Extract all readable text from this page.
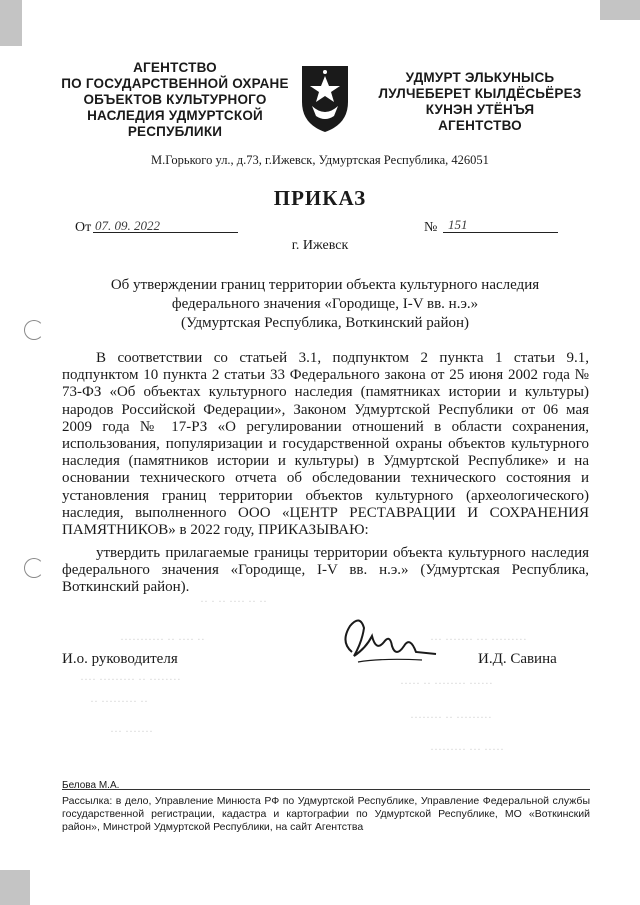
АГЕНТСТВО
ПО ГОСУДАРСТВЕННОЙ ОХРАНЕ
ОБЪЕКТОВ КУЛЬТУРНОГО
НАСЛЕДИЯ УДМУРТСКОЙ
РЕСПУБЛИКИ
УДМУРТ ЭЛЬКУНЫСЬ
ЛУЛЧЕБЕРЕТ КЫЛДЁСЬЁРЕЗ
КУНЭН УТЁНЪЯ
АГЕНТСТВО
М.Горького ул., д.73, г.Ижевск, Удмуртская Республика, 426051
ПРИКАЗ
От 07. 09. 2022	№ 151
г. Ижевск
Об утверждении границ территории объекта культурного наследия
федерального значения «Городище, I-V вв. н.э.»
(Удмуртская Республика, Воткинский район)
В соответствии со статьей 3.1, подпунктом 2 пункта 1 статьи 9.1, подпунктом 10 пункта 2 статьи 33 Федерального закона от 25 июня 2002 года № 73-ФЗ «Об объектах культурного наследия (памятниках истории и культуры) народов Российской Федерации», Законом Удмуртской Республики от 06 мая 2009 года № 17-РЗ «О регулировании отношений в области сохранения, использования, популяризации и государственной охраны объектов культурного наследия (памятников истории и культуры) в Удмуртской Республике» и на основании технического отчета об обследовании технического состояния и установления границ территории объектов культурного (археологического) наследия, выполненного ООО «ЦЕНТР РЕСТАВРАЦИИ И СОХРАНЕНИЯ ПАМЯТНИКОВ» в 2022 году, ПРИКАЗЫВАЮ:
утвердить прилагаемые границы территории объекта культурного наследия федерального значения «Городище, I-V вв. н.э.» (Удмуртская Республика, Воткинский район).
·· · ·· ···· ·· ··
··········· ·· ···· ··	··· ······· ··· ·········
···· ········· ·· ········	····· ·· ········ ······
·· ········· ··
········ ·· ·········
··· ·······
········· ··· ·····
И.о. руководителя	И.Д. Савина
Белова М.А.
Рассылка: в дело, Управление Минюста РФ по Удмуртской Республике, Управление Федеральной службы государственной регистрации, кадастра и картографии по Удмуртской Республике, МО «Воткинский район», Минстрой Удмуртской Республики, на сайт Агентства
